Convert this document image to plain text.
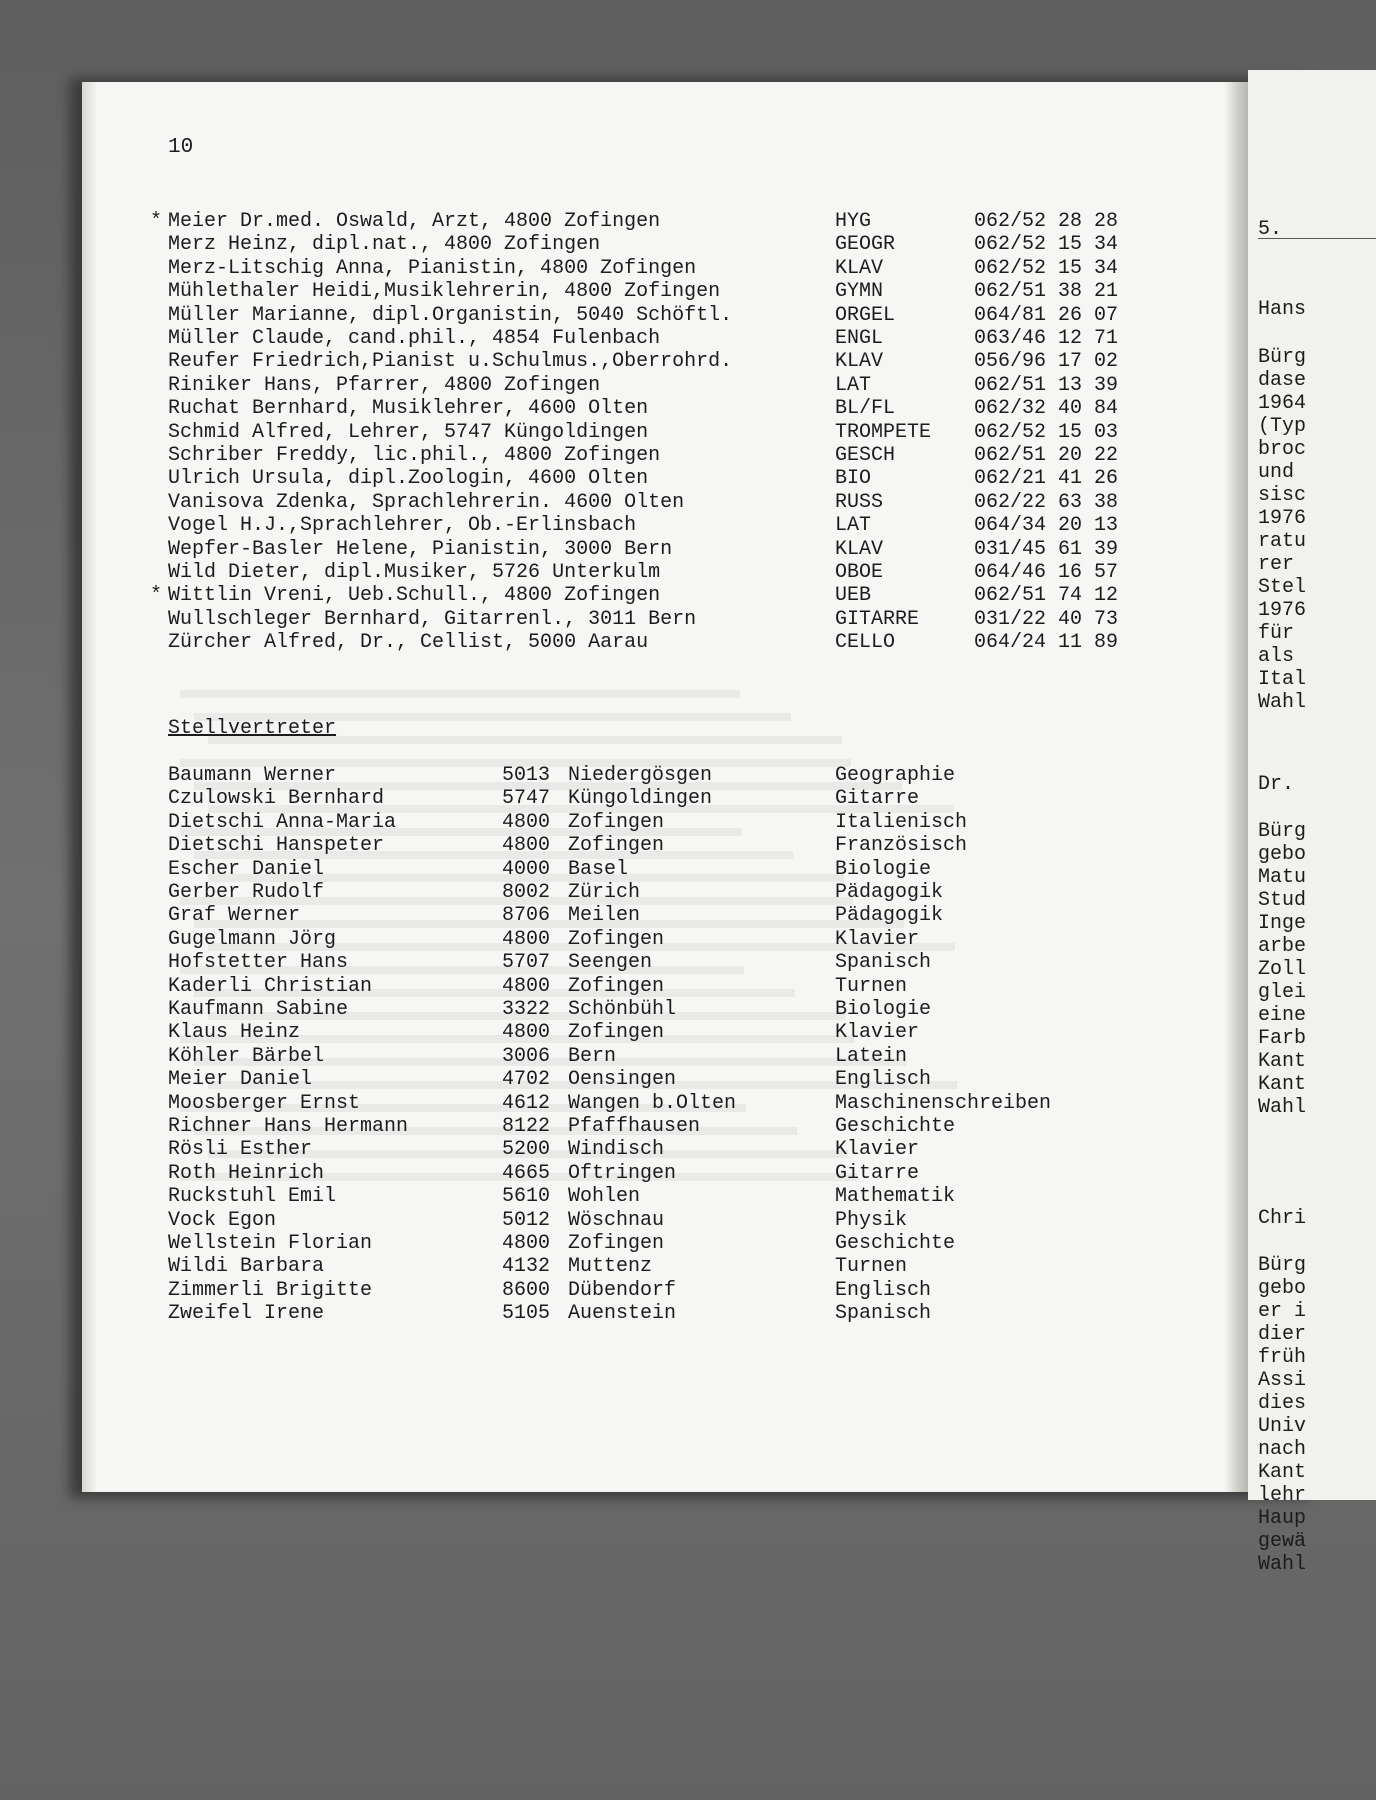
10
* Meier Dr.med. Oswald, Arzt, 4800 Zofingen	HYG	062/52 28 28
Merz Heinz, dipl.nat., 4800 Zofingen	GEOGR	062/52 15 34
Merz-Litschig Anna, Pianistin, 4800 Zofingen	KLAV	062/52 15 34
Mühlethaler Heidi,Musiklehrerin, 4800 Zofingen	GYMN	062/51 38 21
Müller Marianne, dipl.Organistin, 5040 Schöftl.	ORGEL	064/81 26 07
Müller Claude, cand.phil., 4854 Fulenbach	ENGL	063/46 12 71
Reufer Friedrich,Pianist u.Schulmus.,Oberrohrd.	KLAV	056/96 17 02
Riniker Hans, Pfarrer, 4800 Zofingen	LAT	062/51 13 39
Ruchat Bernhard, Musiklehrer, 4600 Olten	BL/FL	062/32 40 84
Schmid Alfred, Lehrer, 5747 Küngoldingen	TROMPETE 062/52 15 03
Schriber Freddy, lic.phil., 4800 Zofingen	GESCH	062/51 20 22
Ulrich Ursula, dipl.Zoologin, 4600 Olten	BIO	062/21 41 26
Vanisova Zdenka, Sprachlehrerin. 4600 Olten	RUSS	062/22 63 38
Vogel H.J.,Sprachlehrer, Ob.-Erlinsbach	LAT	064/34 20 13
Wepfer-Basler Helene, Pianistin, 3000 Bern	KLAV	031/45 61 39
Wild Dieter, dipl.Musiker, 5726 Unterkulm	OBOE	064/46 16 57
* Wittlin Vreni, Ueb.Schull., 4800 Zofingen	UEB	062/51 74 12
Wullschleger Bernhard, Gitarrenl., 3011 Bern	GITARRE	031/22 40 73
Zürcher Alfred, Dr., Cellist, 5000 Aarau	CELLO	064/24 11 89
Stellvertreter
Baumann Werner	5013 Niedergösgen	Geographie
Czulowski Bernhard	5747 Küngoldingen	Gitarre
Dietschi Anna-Maria	4800 Zofingen	Italienisch
Dietschi Hanspeter	4800 Zofingen	Französisch
Escher Daniel	4000 Basel	Biologie
Gerber Rudolf	8002 Zürich	Pädagogik
Graf Werner	8706 Meilen	Pädagogik
Gugelmann Jörg	4800 Zofingen	Klavier
Hofstetter Hans	5707 Seengen	Spanisch
Kaderli Christian	4800 Zofingen	Turnen
Kaufmann Sabine	3322 Schönbühl	Biologie
Klaus Heinz	4800 Zofingen	Klavier
Köhler Bärbel	3006 Bern	Latein
Meier Daniel	4702 Oensingen	Englisch
Moosberger Ernst	4612 Wangen b.Olten	Maschinenschreiben
Richner Hans Hermann	8122 Pfaffhausen	Geschichte
Rösli Esther	5200 Windisch	Klavier
Roth Heinrich	4665 Oftringen	Gitarre
Ruckstuhl Emil	5610 Wohlen	Mathematik
Vock Egon	5012 Wöschnau	Physik
Wellstein Florian	4800 Zofingen	Geschichte
Wildi Barbara	4132 Muttenz	Turnen
Zimmerli Brigitte	8600 Dübendorf	Englisch
Zweifel Irene	5105 Auenstein	Spanisch
5.
Hans
Bürg
dase
1964
(Typ
broc
und
sisc
1976
ratu
rer
Stel
1976
für
als
Ital
Wahl
Dr.
Bürg
gebo
Matu
Stud
Inge
arbe
Zoll
glei
eine
Farb
Kant
Kant
Wahl
Chri
Bürg
gebo
er i
dier
früh
Assi
dies
Univ
nach
Kant
lehr
Haup
gewä
Wahl
